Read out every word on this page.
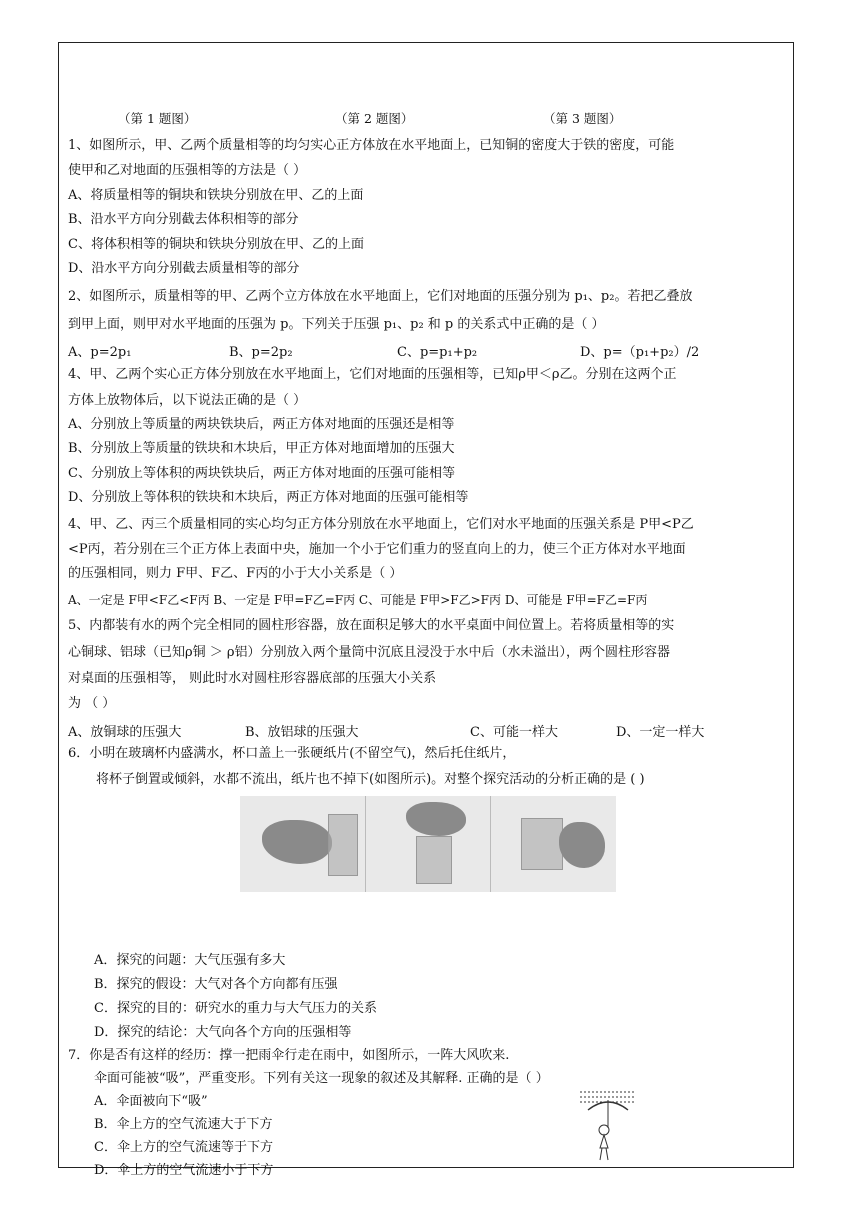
（第 1 题图）	（第 2 题图）	（第 3 题图）
1、如图所示，甲、乙两个质量相等的均匀实心正方体放在水平地面上，已知铜的密度大于铁的密度，可能
使甲和乙对地面的压强相等的方法是（ ）
A、将质量相等的铜块和铁块分别放在甲、乙的上面
B、沿水平方向分别截去体积相等的部分
C、将体积相等的铜块和铁块分别放在甲、乙的上面
D、沿水平方向分别截去质量相等的部分
2、如图所示，质量相等的甲、乙两个立方体放在水平地面上，它们对地面的压强分别为 p₁、p₂。若把乙叠放
到甲上面，则甲对水平地面的压强为 p。下列关于压强 p₁、p₂ 和 p 的关系式中正确的是（ ）
A、p=2p₁	B、p=2p₂	C、p=p₁+p₂	D、p=（p₁+p₂）/2
4、甲、乙两个实心正方体分别放在水平地面上，它们对地面的压强相等，已知ρ甲＜ρ乙。分别在这两个正
方体上放物体后，以下说法正确的是（ ）
A、分别放上等质量的两块铁块后，两正方体对地面的压强还是相等
B、分别放上等质量的铁块和木块后，甲正方体对地面增加的压强大
C、分别放上等体积的两块铁块后，两正方体对地面的压强可能相等
D、分别放上等体积的铁块和木块后，两正方体对地面的压强可能相等
4、甲、乙、丙三个质量相同的实心均匀正方体分别放在水平地面上，它们对水平地面的压强关系是 P甲<P乙
<P丙，若分别在三个正方体上表面中央，施加一个小于它们重力的竖直向上的力，使三个正方体对水平地面
的压强相同，则力 F甲、F乙、F丙的小于大小关系是（ ）
A、一定是 F甲<F乙<F丙 B、一定是 F甲=F乙=F丙 C、可能是 F甲>F乙>F丙 D、可能是 F甲=F乙=F丙
5、内都装有水的两个完全相同的圆柱形容器，放在面积足够大的水平桌面中间位置上。若将质量相等的实
心铜球、铝球（已知ρ铜 ＞ ρ铝）分别放入两个量筒中沉底且浸没于水中后（水未溢出），两个圆柱形容器
对桌面的压强相等， 则此时水对圆柱形容器底部的压强大小关系
为 （ ）
A、放铜球的压强大	B、放铝球的压强大	C、可能一样大	D、一定一样大
6．小明在玻璃杯内盛满水，杯口盖上一张硬纸片(不留空气)，然后托住纸片，
将杯子倒置或倾斜，水都不流出，纸片也不掉下(如图所示)。对整个探究活动的分析正确的是 ( )
A．探究的问题：大气压强有多大
B．探究的假设：大气对各个方向都有压强
C．探究的目的：研究水的重力与大气压力的关系
D．探究的结论：大气向各个方向的压强相等
7．你是否有这样的经历：撑一把雨伞行走在雨中，如图所示，一阵大风吹来.
伞面可能被“吸”，严重变形。下列有关这一现象的叙述及其解释. 正确的是（ ）
A．伞面被向下“吸”
B．伞上方的空气流速大于下方
C．伞上方的空气流速等于下方
D．伞上方的空气流速小于下方
